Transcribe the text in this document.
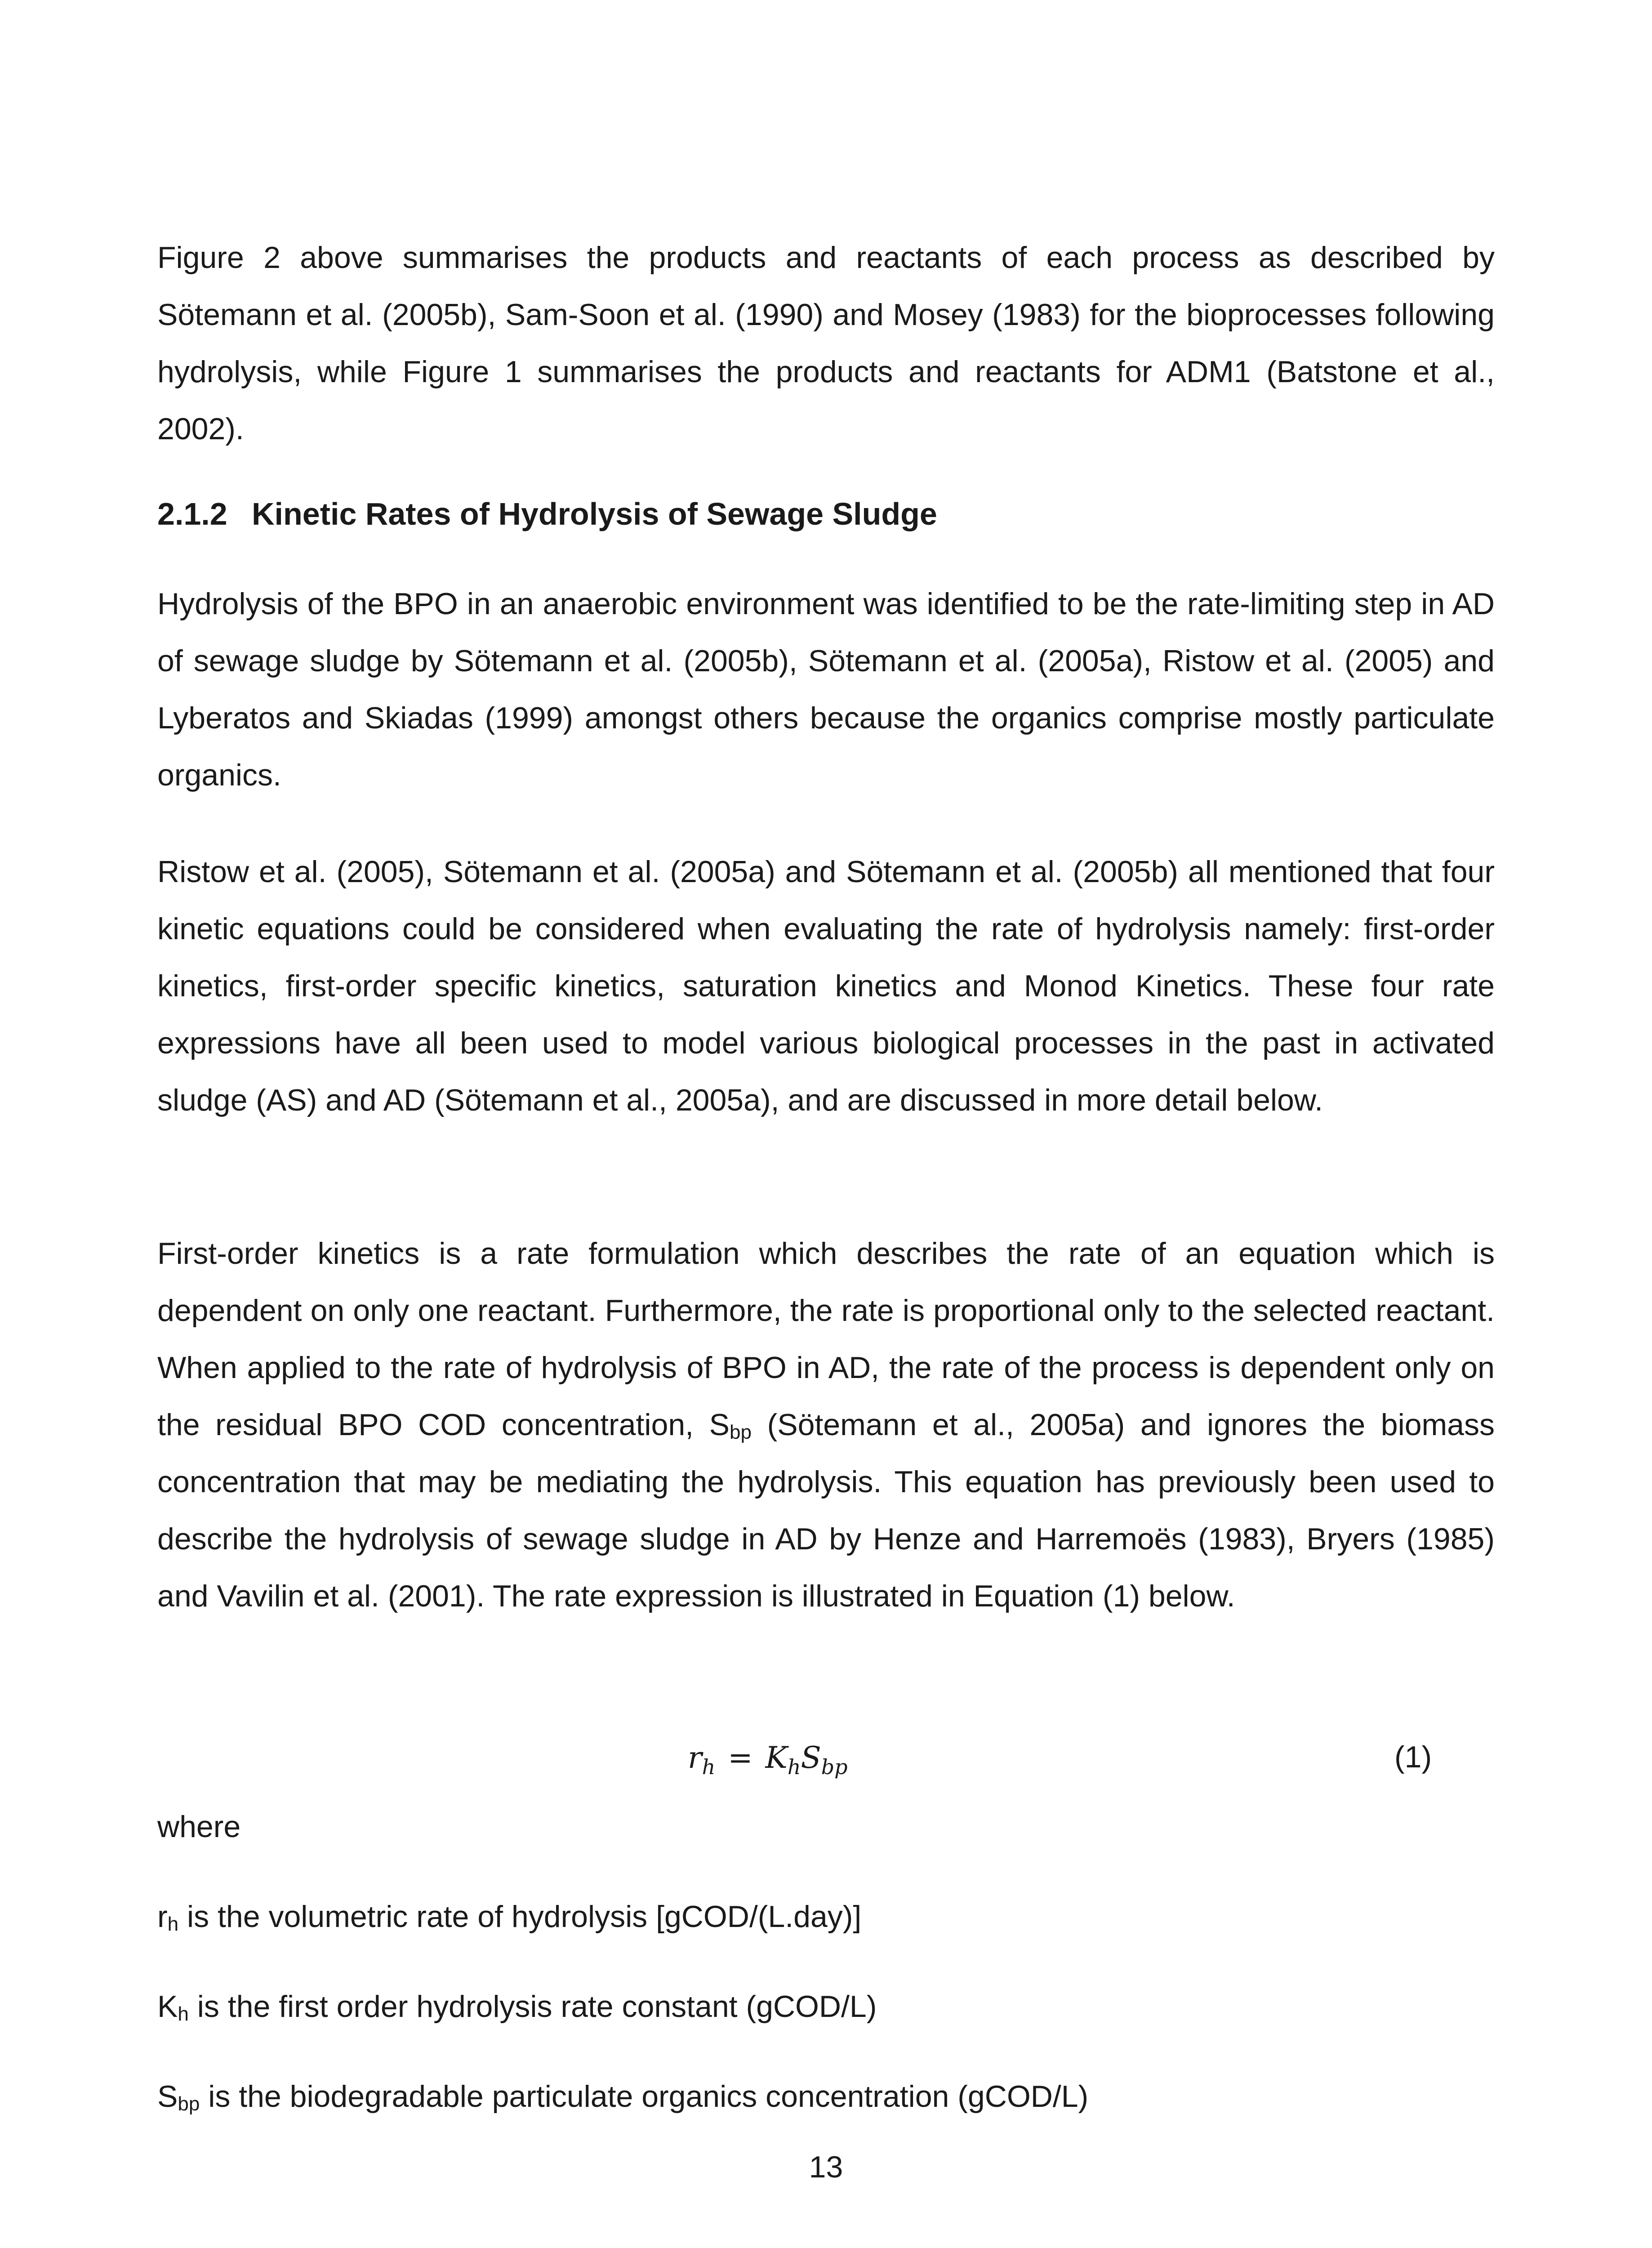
Figure 2 above summarises the products and reactants of each process as described by Sötemann et al. (2005b), Sam-Soon et al. (1990) and Mosey (1983) for the bioprocesses following hydrolysis, while Figure 1 summarises the products and reactants for ADM1 (Batstone et al., 2002).

2.1.2 Kinetic Rates of Hydrolysis of Sewage Sludge

Hydrolysis of the BPO in an anaerobic environment was identified to be the rate-limiting step in AD of sewage sludge by Sötemann et al. (2005b), Sötemann et al. (2005a), Ristow et al. (2005) and Lyberatos and Skiadas (1999) amongst others because the organics comprise mostly particulate organics.

Ristow et al. (2005), Sötemann et al. (2005a) and Sötemann et al. (2005b) all mentioned that four kinetic equations could be considered when evaluating the rate of hydrolysis namely: first-order kinetics, first-order specific kinetics, saturation kinetics and Monod Kinetics. These four rate expressions have all been used to model various biological processes in the past in activated sludge (AS) and AD (Sötemann et al., 2005a), and are discussed in more detail below.

First-order kinetics is a rate formulation which describes the rate of an equation which is dependent on only one reactant. Furthermore, the rate is proportional only to the selected reactant. When applied to the rate of hydrolysis of BPO in AD, the rate of the process is dependent only on the residual BPO COD concentration, Sbp (Sötemann et al., 2005a) and ignores the biomass concentration that may be mediating the hydrolysis. This equation has previously been used to describe the hydrolysis of sewage sludge in AD by Henze and Harremoës (1983), Bryers (1985) and Vavilin et al. (2001). The rate expression is illustrated in Equation (1) below.

$r_h = K_hS_{bp}$	(1)

where

$r_h$ is the volumetric rate of hydrolysis [gCOD/(L.day)]

$K_h$ is the first order hydrolysis rate constant (gCOD/L)

$S_{bp}$ is the biodegradable particulate organics concentration (gCOD/L)

13
